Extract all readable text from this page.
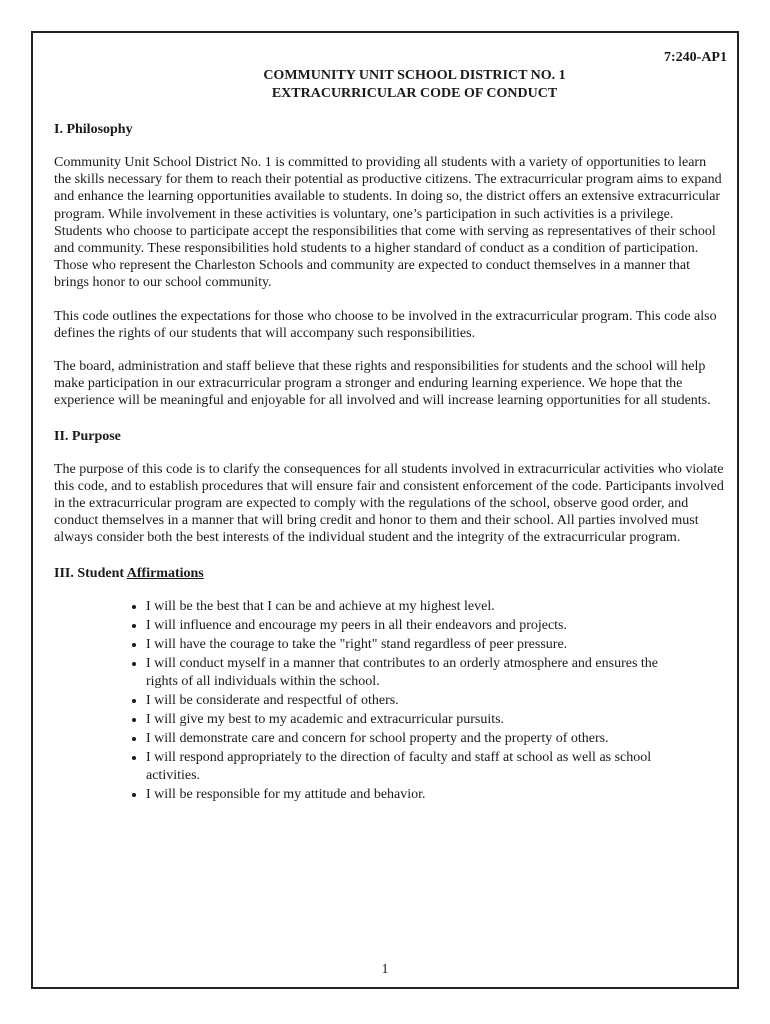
7:240-AP1
COMMUNITY UNIT SCHOOL DISTRICT NO. 1
EXTRACURRICULAR CODE OF CONDUCT
I. Philosophy

Community Unit School District No. 1 is committed to providing all students with a variety of opportunities to learn the skills necessary for them to reach their potential as productive citizens. The extracurricular program aims to expand and enhance the learning opportunities available to students. In doing so, the district offers an extensive extracurricular program. While involvement in these activities is voluntary, one’s participation in such activities is a privilege. Students who choose to participate accept the responsibilities that come with serving as representatives of their school and community. These responsibilities hold students to a higher standard of conduct as a condition of participation. Those who represent the Charleston Schools and community are expected to conduct themselves in a manner that brings honor to our school community.

This code outlines the expectations for those who choose to be involved in the extracurricular program. This code also defines the rights of our students that will accompany such responsibilities.

The board, administration and staff believe that these rights and responsibilities for students and the school will help make participation in our extracurricular program a stronger and enduring learning experience. We hope that the experience will be meaningful and enjoyable for all involved and will increase learning opportunities for all students.

II. Purpose

The purpose of this code is to clarify the consequences for all students involved in extracurricular activities who violate this code, and to establish procedures that will ensure fair and consistent enforcement of the code. Participants involved in the extracurricular program are expected to comply with the regulations of the school, observe good order, and conduct themselves in a manner that will bring credit and honor to them and their school. All parties involved must always consider both the best interests of the individual student and the integrity of the extracurricular program.

III. Student Affirmations
• I will be the best that I can be and achieve at my highest level.
• I will influence and encourage my peers in all their endeavors and projects.
• I will have the courage to take the "right" stand regardless of peer pressure.
• I will conduct myself in a manner that contributes to an orderly atmosphere and ensures the rights of all individuals within the school.
• I will be considerate and respectful of others.
• I will give my best to my academic and extracurricular pursuits.
• I will demonstrate care and concern for school property and the property of others.
• I will respond appropriately to the direction of faculty and staff at school as well as school activities.
• I will be responsible for my attitude and behavior.
1
